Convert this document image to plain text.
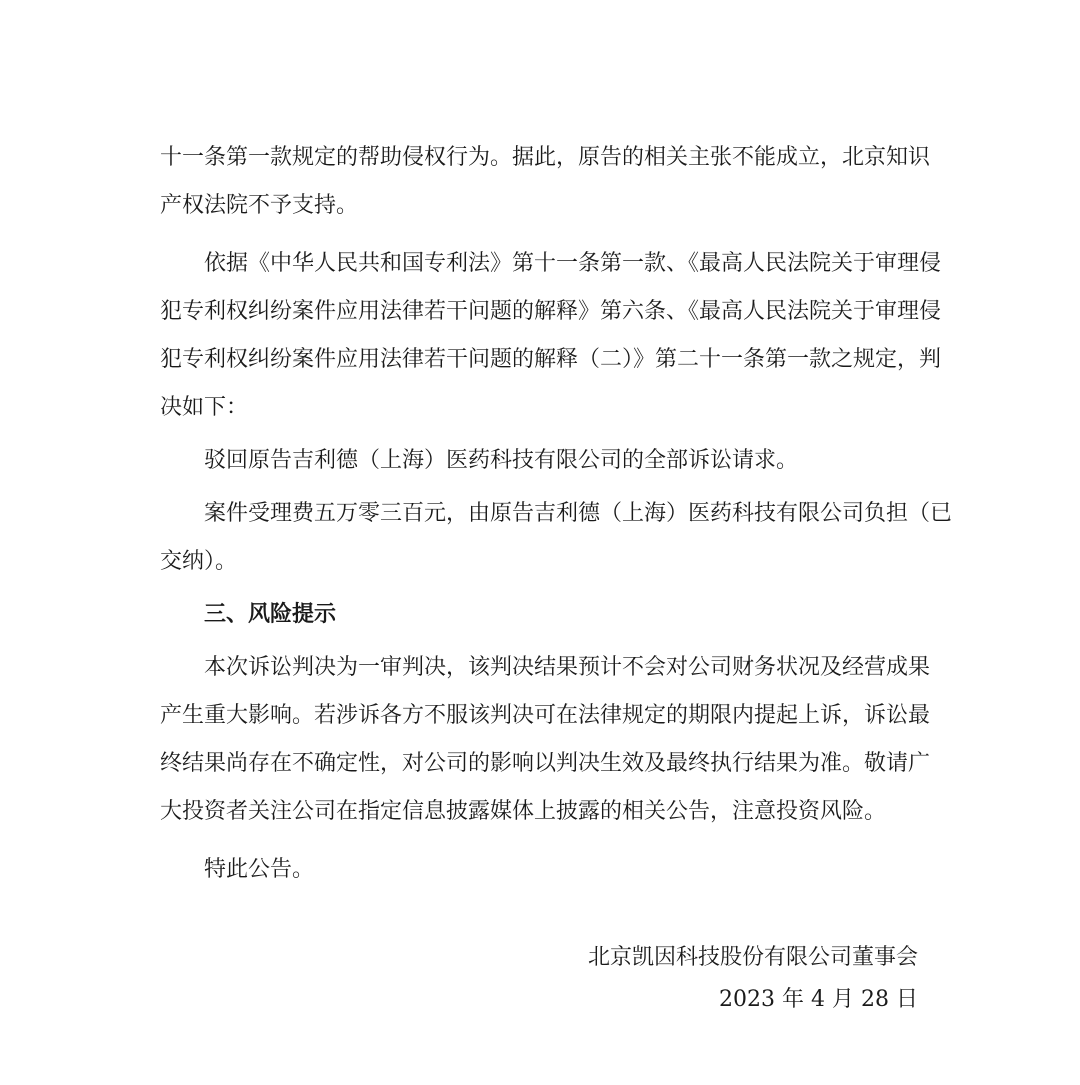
十一条第一款规定的帮助侵权行为。据此，原告的相关主张不能成立，北京知识
产权法院不予支持。
依据《中华人民共和国专利法》第十一条第一款、《最高人民法院关于审理侵
犯专利权纠纷案件应用法律若干问题的解释》第六条、《最高人民法院关于审理侵
犯专利权纠纷案件应用法律若干问题的解释（二）》第二十一条第一款之规定，判
决如下：
驳回原告吉利德（上海）医药科技有限公司的全部诉讼请求。
案件受理费五万零三百元，由原告吉利德（上海）医药科技有限公司负担（已
交纳）。
三、风险提示
本次诉讼判决为一审判决，该判决结果预计不会对公司财务状况及经营成果
产生重大影响。若涉诉各方不服该判决可在法律规定的期限内提起上诉，诉讼最
终结果尚存在不确定性，对公司的影响以判决生效及最终执行结果为准。敬请广
大投资者关注公司在指定信息披露媒体上披露的相关公告，注意投资风险。
特此公告。
北京凯因科技股份有限公司董事会
2023 年 4 月 28 日
